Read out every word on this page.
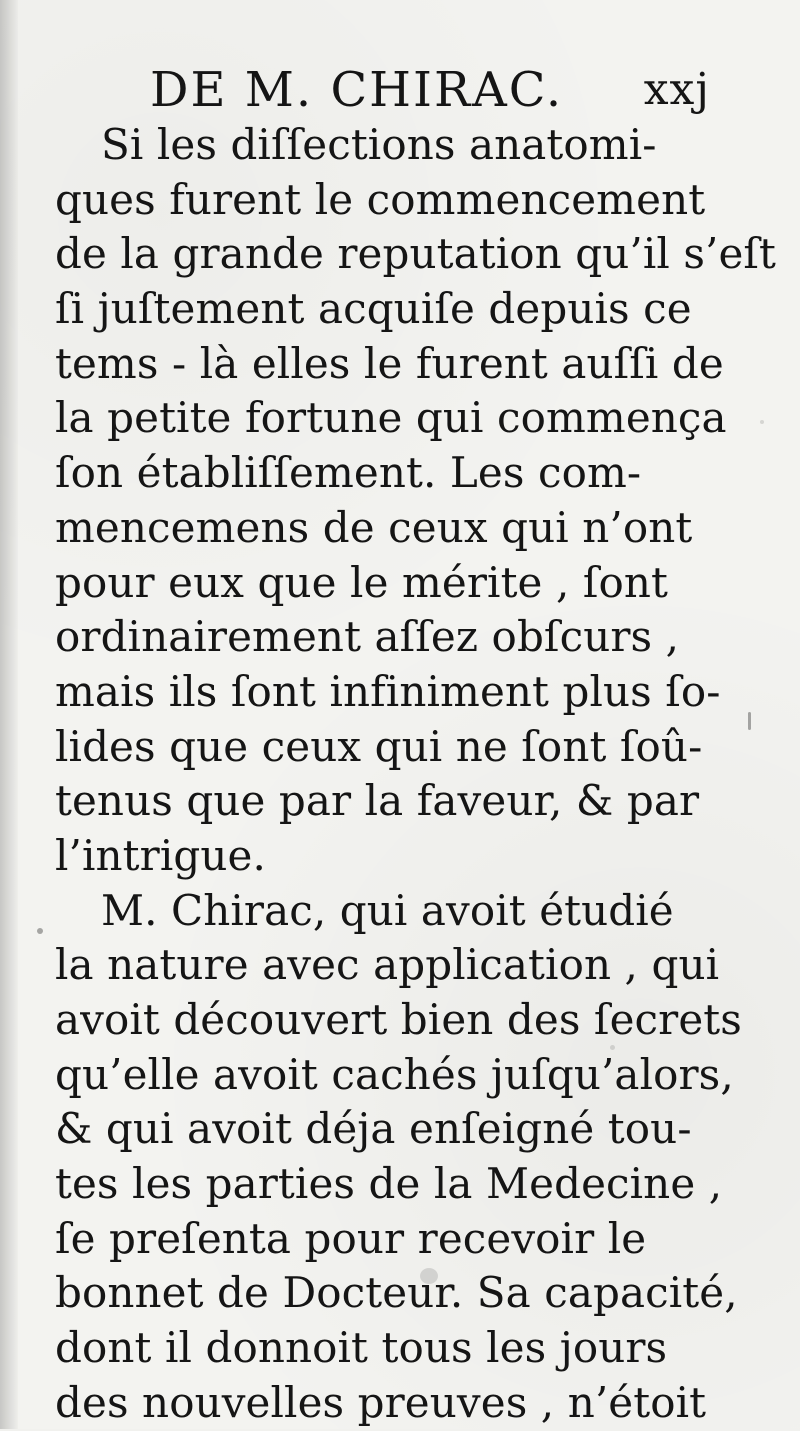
DE M. CHIRAC. xxj
Si les diſſections anatomi-
ques furent le commencement
de la grande reputation qu’il s’eſt
ſi juſtement acquiſe depuis ce
tems - là elles le furent auſſi de
la petite fortune qui commença
ſon établiſſement. Les com-
mencemens de ceux qui n’ont
pour eux que le mérite , ſont
ordinairement aſſez obſcurs ,
mais ils ſont infiniment plus ſo-
lides que ceux qui ne ſont ſoû-
tenus que par la faveur, & par
l’intrigue.
M. Chirac, qui avoit étudié
la nature avec application , qui
avoit découvert bien des ſecrets
qu’elle avoit cachés juſqu’alors,
& qui avoit déja enſeigné tou-
tes les parties de la Medecine ,
ſe preſenta pour recevoir le
bonnet de Docteur. Sa capacité,
dont il donnoit tous les jours
des nouvelles preuves , n’étoit
